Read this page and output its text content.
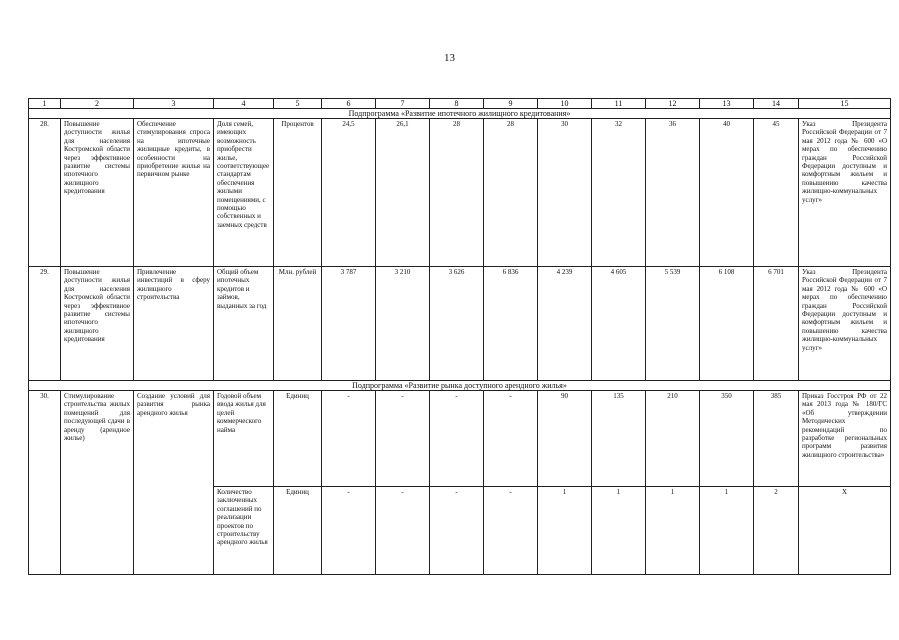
13
1	2	3	4	5	6	7	8	9	10	11	12	13	14	15
Подпрограмма «Развитие ипотечного жилищного кредитования»														
28.	Повышение доступности жилья для населения Костромской области через эффективное развитие системы ипотечного жилищного кредитования	Обеспечение стимулирования спроса на ипотечные жилищные кредиты, в особенности на приобретение жилья на первичном рынке	Доля семей, имеющих возможность приобрести жилье, соответствующее стандартам обеспечения жилыми помещениями, с помощью собственных и заемных средств	Процентов	24,5	26,1	28	28	30	32	36	40	45	Указ Президента Российской Федерации от 7 мая 2012 года № 600 «О мерах по обеспечению граждан Российской Федерации доступным и комфортным жильем и повышению качества жилищно-коммунальных услуг»
29.	Повышение доступности жилья для населения Костромской области через эффективное развитие системы ипотечного жилищного кредитования	Привлечение инвестиций в сферу жилищного строительства	Общий объем ипотечных кредитов и займов, выданных за год	Млн. рублей	3 787	3 210	3 626	6 836	4 239	4 605	5 539	6 108	6 701	Указ Президента Российской Федерации от 7 мая 2012 года № 600 «О мерах по обеспечению граждан Российской Федерации доступным и комфортным жильем и повышению качества жилищно-коммунальных услуг»
Подпрограмма «Развитие рынка доступного арендного жилья»														
30.	Стимулирование строительства жилых помещений для последующей сдачи в аренду (арендное жилье)	Создание условий для развития рынка арендного жилья	Годовой объем ввода жилья для целей коммерческого найма	Единиц	-	-	-	-	90	135	210	350	385	Приказ Госстроя РФ от 22 мая 2013 года № 180/ГС «Об утверждении Методических рекомендаций по разработке региональных программ развития жилищного строительства»
			Количество заключенных соглашений по реализации проектов по строительству арендного жилья	Единиц	-	-	-	-	1	1	1	1	2	Х
